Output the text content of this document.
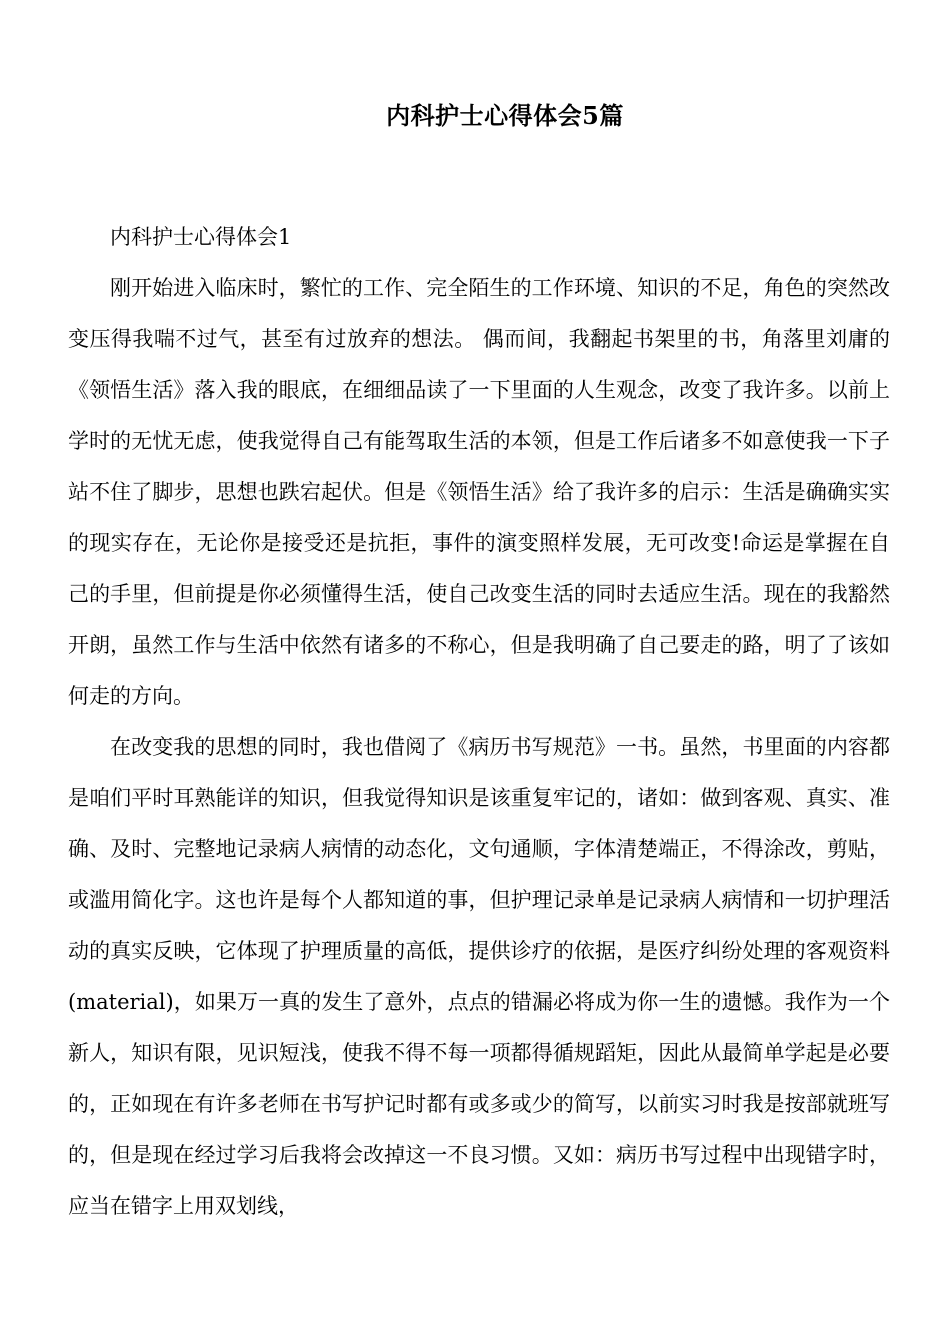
内科护士心得体会5篇

内科护士心得体会1

刚开始进入临床时，繁忙的工作、完全陌生的工作环境、知识的不足，角色的突然改变压得我喘不过气，甚至有过放弃的想法。 偶而间，我翻起书架里的书，角落里刘庸的《领悟生活》落入我的眼底，在细细品读了一下里面的人生观念，改变了我许多。以前上学时的无忧无虑，使我觉得自己有能驾取生活的本领，但是工作后诸多不如意使我一下子站不住了脚步，思想也跌宕起伏。但是《领悟生活》给了我许多的启示：生活是确确实实的现实存在，无论你是接受还是抗拒，事件的演变照样发展，无可改变!命运是掌握在自己的手里，但前提是你必须懂得生活，使自己改变生活的同时去适应生活。现在的我豁然开朗，虽然工作与生活中依然有诸多的不称心，但是我明确了自己要走的路，明了了该如何走的方向。

在改变我的思想的同时，我也借阅了《病历书写规范》一书。虽然，书里面的内容都是咱们平时耳熟能详的知识，但我觉得知识是该重复牢记的，诸如：做到客观、真实、准确、及时、完整地记录病人病情的动态化，文句通顺，字体清楚端正，不得涂改，剪贴，或滥用简化字。这也许是每个人都知道的事，但护理记录单是记录病人病情和一切护理活动的真实反映，它体现了护理质量的高低，提供诊疗的依据，是医疗纠纷处理的客观资料(material)，如果万一真的发生了意外，点点的错漏必将成为你一生的遗憾。我作为一个新人，知识有限，见识短浅，使我不得不每一项都得循规蹈矩，因此从最简单学起是必要的，正如现在有许多老师在书写护记时都有或多或少的简写，以前实习时我是按部就班写的，但是现在经过学习后我将会改掉这一不良习惯。又如：病历书写过程中出现错字时，应当在错字上用双划线，
